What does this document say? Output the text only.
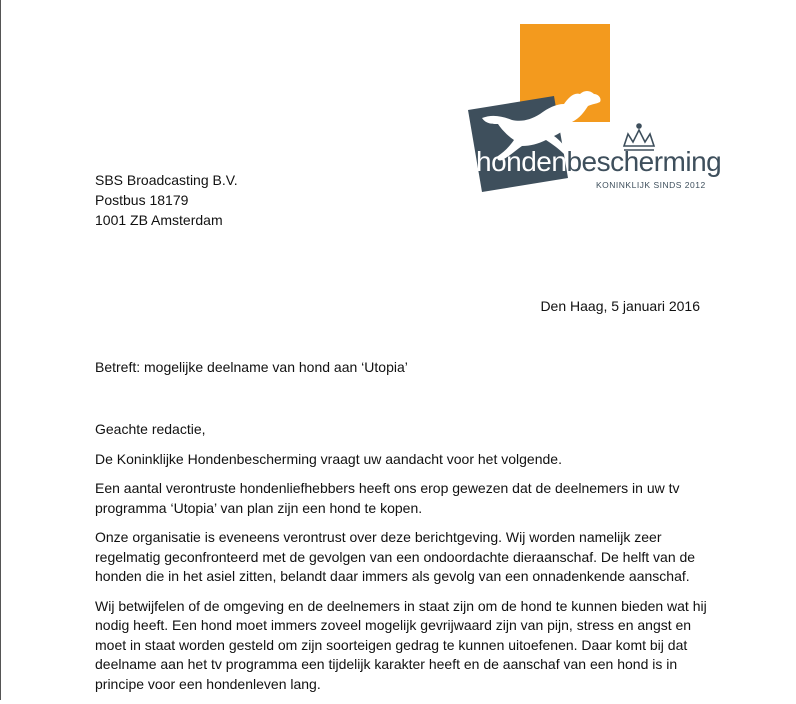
hondenbescherming
KONINKLIJK SINDS 2012
SBS Broadcasting B.V.
Postbus 18179
1001 ZB Amsterdam
Den Haag, 5 januari 2016
Betreft: mogelijke deelname van hond aan ‘Utopia’

Geachte redactie,

De Koninklijke Hondenbescherming vraagt uw aandacht voor het volgende.

Een aantal verontruste hondenliefhebbers heeft ons erop gewezen dat de deelnemers in uw tv programma ‘Utopia’ van plan zijn een hond te kopen.

Onze organisatie is eveneens verontrust over deze berichtgeving. Wij worden namelijk zeer regelmatig geconfronteerd met de gevolgen van een ondoordachte dieraanschaf. De helft van de honden die in het asiel zitten, belandt daar immers als gevolg van een onnadenkende aanschaf.

Wij betwijfelen of de omgeving en de deelnemers in staat zijn om de hond te kunnen bieden wat hij nodig heeft. Een hond moet immers zoveel mogelijk gevrijwaard zijn van pijn, stress en angst en moet in staat worden gesteld om zijn soorteigen gedrag te kunnen uitoefenen. Daar komt bij dat deelname aan het tv programma een tijdelijk karakter heeft en de aanschaf van een hond is in principe voor een hondenleven lang.
